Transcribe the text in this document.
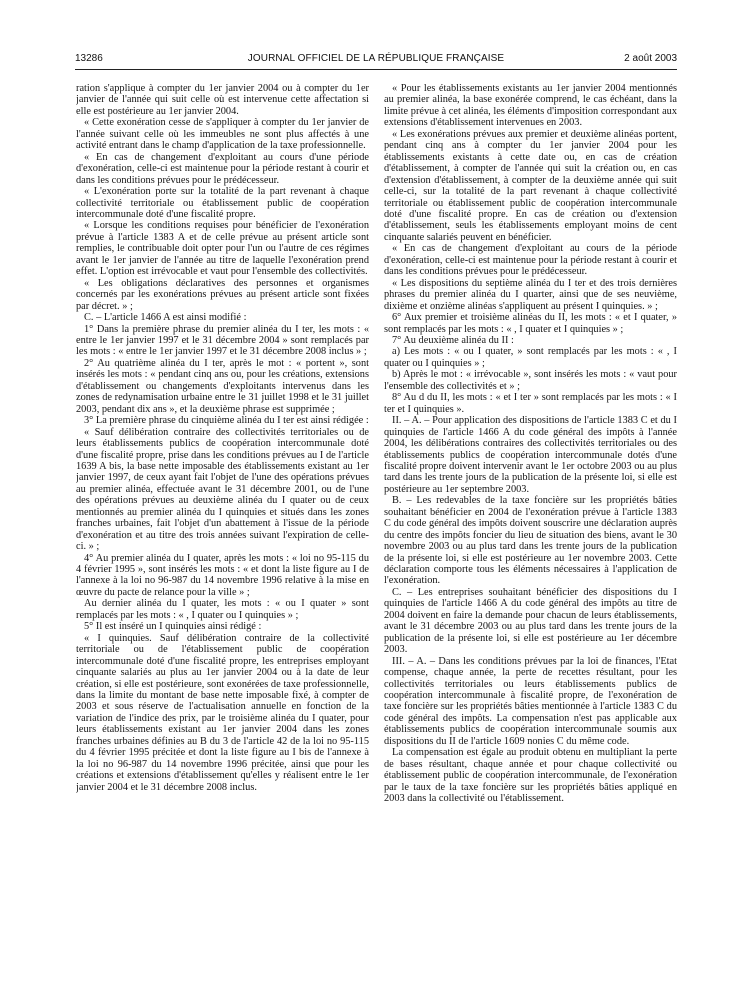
13286	JOURNAL OFFICIEL DE LA RÉPUBLIQUE FRANÇAISE	2 août 2003

ration s'applique à compter du 1er janvier 2004 ou à compter du 1er janvier de l'année qui suit celle où est intervenue cette affectation si elle est postérieure au 1er janvier 2004.

« Cette exonération cesse de s'appliquer à compter du 1er janvier de l'année suivant celle où les immeubles ne sont plus affectés à une activité entrant dans le champ d'application de la taxe professionnelle.

« En cas de changement d'exploitant au cours d'une période d'exonération, celle-ci est maintenue pour la période restant à courir et dans les conditions prévues pour le prédécesseur.

« L'exonération porte sur la totalité de la part revenant à chaque collectivité territoriale ou établissement public de coopération intercommunale doté d'une fiscalité propre.

« Lorsque les conditions requises pour bénéficier de l'exonération prévue à l'article 1383 A et de celle prévue au présent article sont remplies, le contribuable doit opter pour l'un ou l'autre de ces régimes avant le 1er janvier de l'année au titre de laquelle l'exonération prend effet. L'option est irrévocable et vaut pour l'ensemble des collectivités.

« Les obligations déclaratives des personnes et organismes concernés par les exonérations prévues au présent article sont fixées par décret. » ;

C. – L'article 1466 A est ainsi modifié :

1° Dans la première phrase du premier alinéa du I ter, les mots : « entre le 1er janvier 1997 et le 31 décembre 2004 » sont remplacés par les mots : « entre le 1er janvier 1997 et le 31 décembre 2008 inclus » ;

2° Au quatrième alinéa du I ter, après le mot : « portent », sont insérés les mots : « pendant cinq ans ou, pour les créations, extensions d'établissement ou changements d'exploitants intervenus dans les zones de redynamisation urbaine entre le 31 juillet 1998 et le 31 juillet 2003, pendant dix ans », et la deuxième phrase est supprimée ;

3° La première phrase du cinquième alinéa du I ter est ainsi rédigée :

« Sauf délibération contraire des collectivités territoriales ou de leurs établissements publics de coopération intercommunale doté d'une fiscalité propre, prise dans les conditions prévues au I de l'article 1639 A bis, la base nette imposable des établissements existant au 1er janvier 1997, de ceux ayant fait l'objet de l'une des opérations prévues au premier alinéa, effectuée avant le 31 décembre 2001, ou de l'une des opérations prévues au deuxième alinéa du I quater ou de ceux mentionnés au premier alinéa du I quinquies et situés dans les zones franches urbaines, fait l'objet d'un abattement à l'issue de la période d'exonération et au titre des trois années suivant l'expiration de celle-ci. » ;

4° Au premier alinéa du I quater, après les mots : « loi no 95-115 du 4 février 1995 », sont insérés les mots : « et dont la liste figure au I de l'annexe à la loi no 96-987 du 14 novembre 1996 relative à la mise en œuvre du pacte de relance pour la ville » ;

Au dernier alinéa du I quater, les mots : « ou I quater » sont remplacés par les mots : « , I quater ou I quinquies » ;

5° Il est inséré un I quinquies ainsi rédigé :

« I quinquies. Sauf délibération contraire de la collectivité territoriale ou de l'établissement public de coopération intercommunale doté d'une fiscalité propre, les entreprises employant cinquante salariés au plus au 1er janvier 2004 ou à la date de leur création, si elle est postérieure, sont exonérées de taxe professionnelle, dans la limite du montant de base nette imposable fixé, à compter de 2003 et sous réserve de l'actualisation annuelle en fonction de la variation de l'indice des prix, par le troisième alinéa du I quater, pour leurs établissements existant au 1er janvier 2004 dans les zones franches urbaines définies au B du 3 de l'article 42 de la loi no 95-115 du 4 février 1995 précitée et dont la liste figure au I bis de l'annexe à la loi no 96-987 du 14 novembre 1996 précitée, ainsi que pour les créations et extensions d'établissement qu'elles y réalisent entre le 1er janvier 2004 et le 31 décembre 2008 inclus.

« Pour les établissements existants au 1er janvier 2004 mentionnés au premier alinéa, la base exonérée comprend, le cas échéant, dans la limite prévue à cet alinéa, les éléments d'imposition correspondant aux extensions d'établissement intervenues en 2003.

« Les exonérations prévues aux premier et deuxième alinéas portent, pendant cinq ans à compter du 1er janvier 2004 pour les établissements existants à cette date ou, en cas de création d'établissement, à compter de l'année qui suit la création ou, en cas d'extension d'établissement, à compter de la deuxième année qui suit celle-ci, sur la totalité de la part revenant à chaque collectivité territoriale ou établissement public de coopération intercommunale doté d'une fiscalité propre. En cas de création ou d'extension d'établissement, seuls les établissements employant moins de cent cinquante salariés peuvent en bénéficier.

« En cas de changement d'exploitant au cours de la période d'exonération, celle-ci est maintenue pour la période restant à courir et dans les conditions prévues pour le prédécesseur.

« Les dispositions du septième alinéa du I ter et des trois dernières phrases du premier alinéa du I quarter, ainsi que de ses neuvième, dixième et onzième alinéas s'appliquent au présent I quinquies. » ;

6° Aux premier et troisième alinéas du II, les mots : « et I quater, » sont remplacés par les mots : « , I quater et I quinquies » ;

7° Au deuxième alinéa du II :

a) Les mots : « ou I quater, » sont remplacés par les mots : « , I quater ou I quinquies » ;

b) Après le mot : « irrévocable », sont insérés les mots : « vaut pour l'ensemble des collectivités et » ;

8° Au d du II, les mots : « et I ter » sont remplacés par les mots : « I ter et I quinquies ».

II. – A. – Pour application des dispositions de l'article 1383 C et du I quinquies de l'article 1466 A du code général des impôts à l'année 2004, les délibérations contraires des collectivités territoriales ou des établissements publics de coopération intercommunale dotés d'une fiscalité propre doivent intervenir avant le 1er octobre 2003 ou au plus tard dans les trente jours de la publication de la présente loi, si elle est postérieure au 1er septembre 2003.

B. – Les redevables de la taxe foncière sur les propriétés bâties souhaitant bénéficier en 2004 de l'exonération prévue à l'article 1383 C du code général des impôts doivent souscrire une déclaration auprès du centre des impôts foncier du lieu de situation des biens, avant le 30 novembre 2003 ou au plus tard dans les trente jours de la publication de la présente loi, si elle est postérieure au 1er novembre 2003. Cette déclaration comporte tous les éléments nécessaires à l'application de l'exonération.

C. – Les entreprises souhaitant bénéficier des dispositions du I quinquies de l'article 1466 A du code général des impôts au titre de 2004 doivent en faire la demande pour chacun de leurs établissements, avant le 31 décembre 2003 ou au plus tard dans les trente jours de la publication de la présente loi, si elle est postérieure au 1er décembre 2003.

III. – A. – Dans les conditions prévues par la loi de finances, l'Etat compense, chaque année, la perte de recettes résultant, pour les collectivités territoriales ou leurs établissements publics de coopération intercommunale à fiscalité propre, de l'exonération de taxe foncière sur les propriétés bâties mentionnée à l'article 1383 C du code général des impôts. La compensation n'est pas applicable aux établissements publics de coopération intercommunale soumis aux dispositions du II de l'article 1609 nonies C du même code.

La compensation est égale au produit obtenu en multipliant la perte de bases résultant, chaque année et pour chaque collectivité ou établissement public de coopération intercommunale, de l'exonération par le taux de la taxe foncière sur les propriétés bâties appliqué en 2003 dans la collectivité ou l'établissement.
